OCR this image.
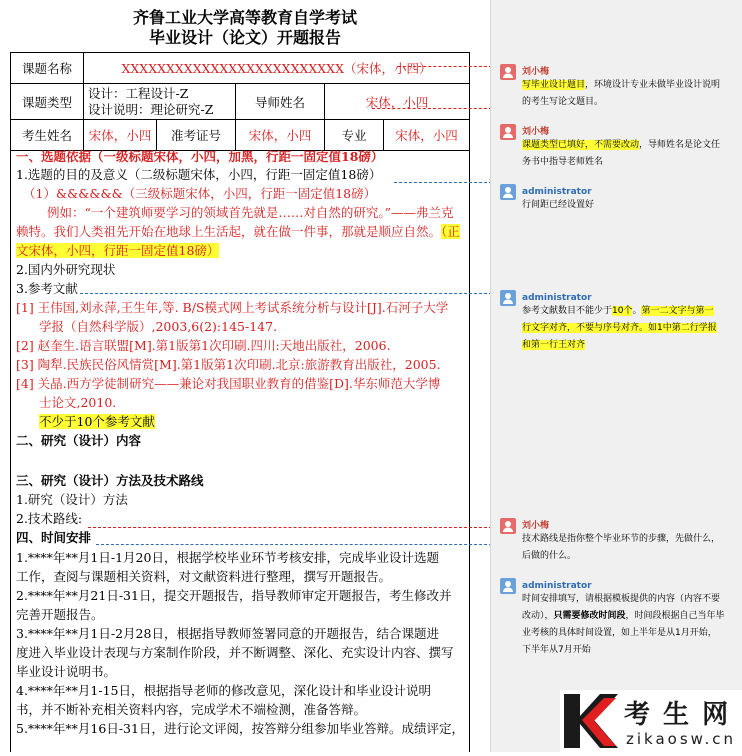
齐鲁工业大学高等教育自学考试
毕业设计（论文）开题报告
课题名称	XXXXXXXXXXXXXXXXXXXXXXXXX（宋体，小四）				
课题类型	设计：工程设计-Z
设计说明：理论研究-Z		导师姓名	宋体，小四	
考生姓名	宋体，小四	准考证号	宋体，小四	专业	宋体，小四
一、选题依据（一级标题宋体，小四，加黑，行距一固定值18磅）
1.选题的目的及意义（二级标题宋体，小四，行距一固定值18磅）
（1）&&&&&&（三级标题宋体，小四，行距一固定值18磅）
例如：“一个建筑师要学习的领域首先就是……对自然的研究。”——弗兰克
赖特。我们人类祖先开始在地球上生活起，就在做一件事，那就是顺应自然。（正
文宋体，小四，行距一固定值18磅）
2.国内外研究现状
3.参考文献
[1] 王伟国,刘永萍,王生年,等. B/S模式网上考试系统分析与设计[J].石河子大学
学报（自然科学版）,2003,6(2):145-147.
[2] 赵奎生.语言联盟[M].第1版第1次印刷.四川:天地出版社，2006.
[3] 陶犁.民族民俗风情赏[M].第1版第1次印刷.北京:旅游教育出版社，2005.
[4] 关晶.西方学徒制研究——兼论对我国职业教育的借鉴[D].华东师范大学博
士论文,2010.
不少于10个参考文献
二、研究（设计）内容
三、研究（设计）方法及技术路线
1.研究（设计）方法
2.技术路线:
四、时间安排
1.****年**月1日-1月20日，根据学校毕业环节考核安排，完成毕业设计选题
工作，查阅与课题相关资料，对文献资料进行整理，撰写开题报告。
2.****年**月21日-31日，提交开题报告，指导教师审定开题报告，考生修改并
完善开题报告。
3.****年**月1日-2月28日，根据指导教师签署同意的开题报告，结合课题进
度进入毕业设计表现与方案制作阶段，并不断调整、深化、充实设计内容、撰写
毕业设计说明书。
4.****年**月1-15日，根据指导老师的修改意见，深化设计和毕业设计说明
书，并不断补充相关资料内容，完成学术不端检测，准备答辩。
5.****年**月16日-31日，进行论文评阅，按答辩分组参加毕业答辩。成绩评定，
刘小梅
写毕业设计题目，环境设计专业未做毕业设计说明
的考生写论文题目。
刘小梅
课题类型已填好，不需要改动，导师姓名是论文任
务书中指导老师姓名
administrator
行间距已经设置好
administrator
参考文献数目不能少于10个。第一二文字与第一
行文字对齐，不要与序号对齐。如1中第二行学报
和第一行王对齐
刘小梅
技术路线是指你整个毕业环节的步骤，先做什么，
后做的什么。
administrator
时间安排填写，请根据模板提供的内容（内容不要
改动），只需要修改时间段，时间段根据自己当年毕
业考核的具体时间设置，如上半年是从1月开始，
下半年从7月开始
考 生 网
zikaosw.cn
